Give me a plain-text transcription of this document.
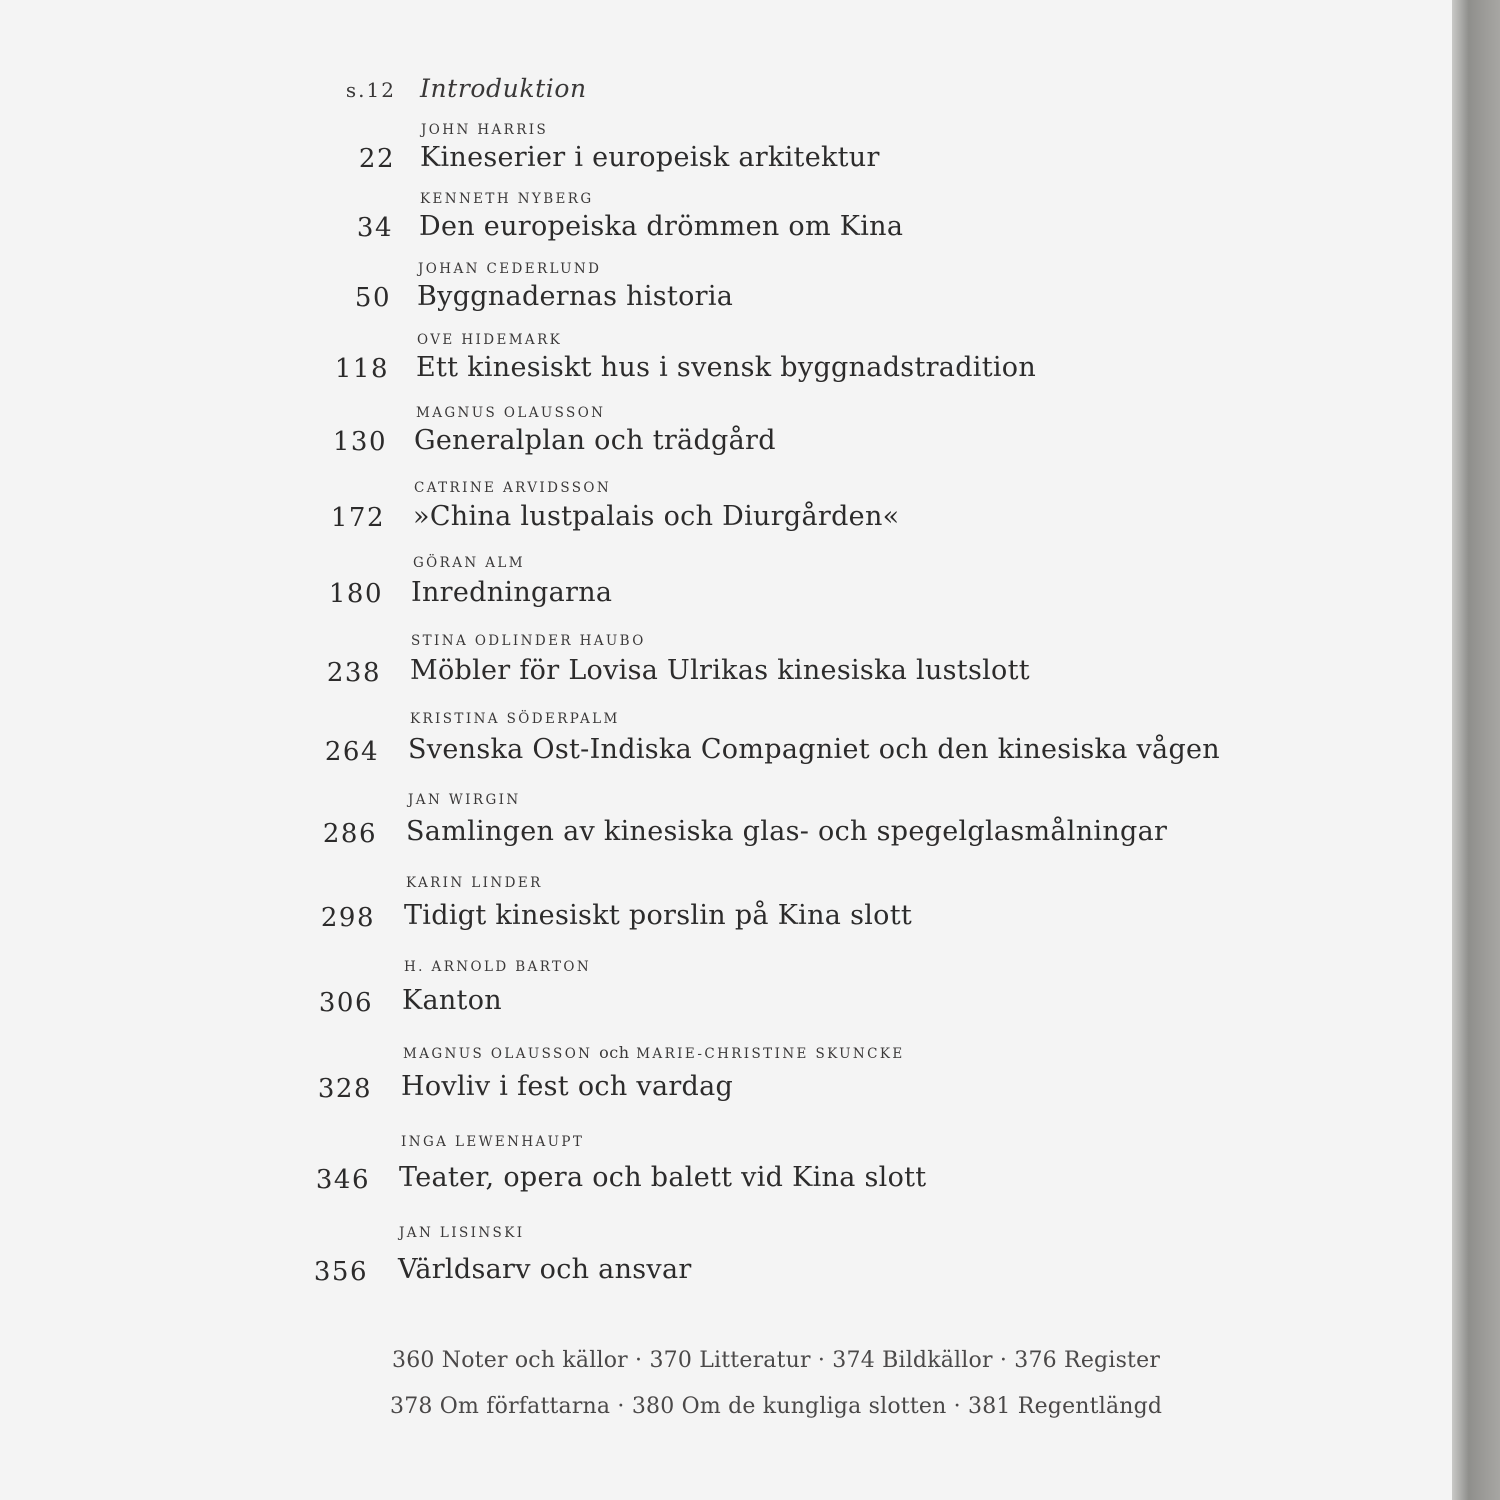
s.12 Introduktion
JOHN HARRIS
22 Kineserier i europeisk arkitektur
KENNETH NYBERG
34 Den europeiska drömmen om Kina
JOHAN CEDERLUND
50 Byggnadernas historia
OVE HIDEMARK
118 Ett kinesiskt hus i svensk byggnadstradition
MAGNUS OLAUSSON
130 Generalplan och trädgård
CATRINE ARVIDSSON
172 »China lustpalais och Diurgården«
GÖRAN ALM
180 Inredningarna
STINA ODLINDER HAUBO
238 Möbler för Lovisa Ulrikas kinesiska lustslott
KRISTINA SÖDERPALM
264 Svenska Ost-Indiska Compagniet och den kinesiska vågen
JAN WIRGIN
286 Samlingen av kinesiska glas- och spegelglasmålningar
KARIN LINDER
298 Tidigt kinesiskt porslin på Kina slott
H. ARNOLD BARTON
306 Kanton
MAGNUS OLAUSSON och MARIE-CHRISTINE SKUNCKE
328 Hovliv i fest och vardag
INGA LEWENHAUPT
346 Teater, opera och balett vid Kina slott
JAN LISINSKI
356 Världsarv och ansvar
360 Noter och källor · 370 Litteratur · 374 Bildkällor · 376 Register
378 Om författarna · 380 Om de kungliga slotten · 381 Regentlängd
